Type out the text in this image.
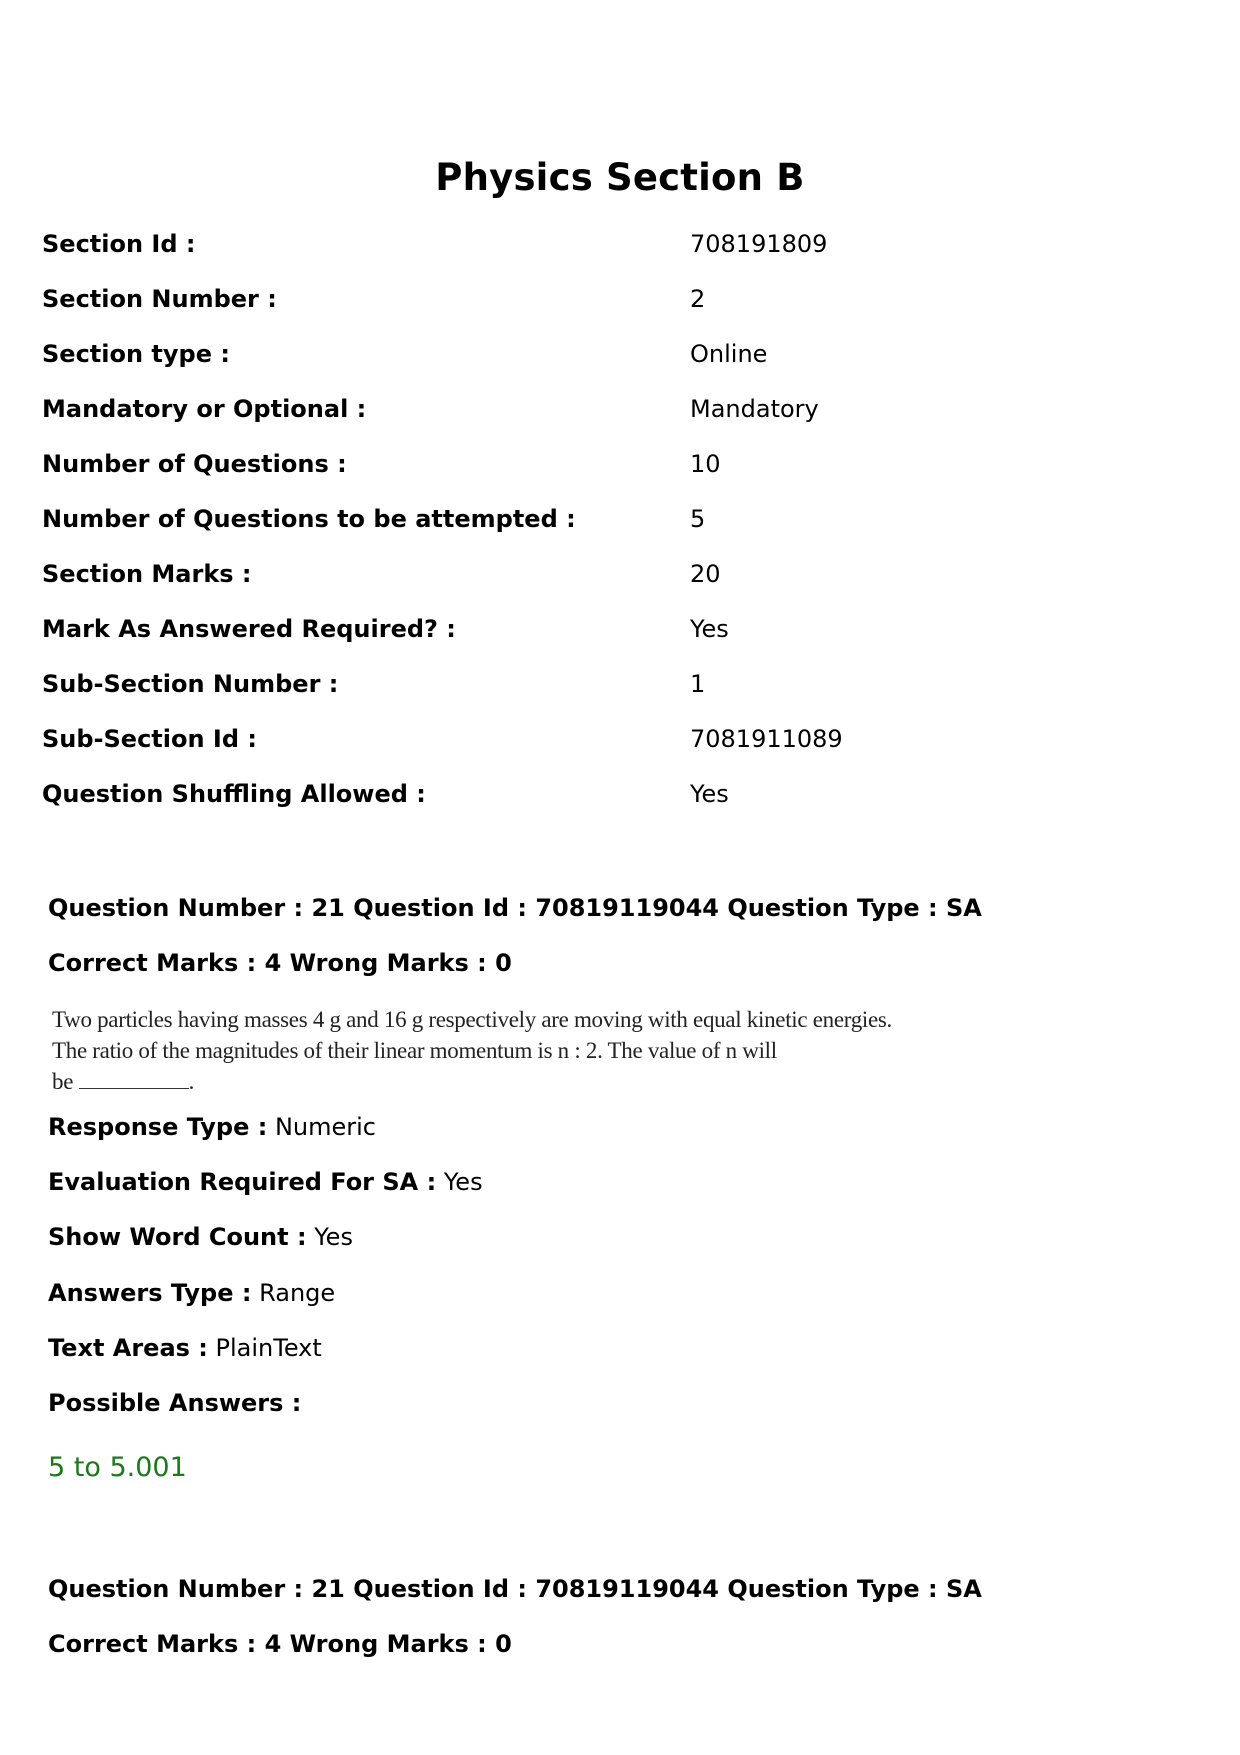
Physics Section B
Section Id :	708191809
Section Number :	2
Section type :	Online
Mandatory or Optional :	Mandatory
Number of Questions :	10
Number of Questions to be attempted :	5
Section Marks :	20
Mark As Answered Required? :	Yes
Sub-Section Number :	1
Sub-Section Id :	7081911089
Question Shuffling Allowed :	Yes
Question Number : 21 Question Id : 70819119044 Question Type : SA
Correct Marks : 4 Wrong Marks : 0
Two particles having masses 4 g and 16 g respectively are moving with equal kinetic energies.
The ratio of the magnitudes of their linear momentum is n : 2. The value of n will
be	.
Response Type : Numeric
Evaluation Required For SA : Yes
Show Word Count : Yes
Answers Type : Range
Text Areas : PlainText
Possible Answers :
5 to 5.001
Question Number : 21 Question Id : 70819119044 Question Type : SA
Correct Marks : 4 Wrong Marks : 0
